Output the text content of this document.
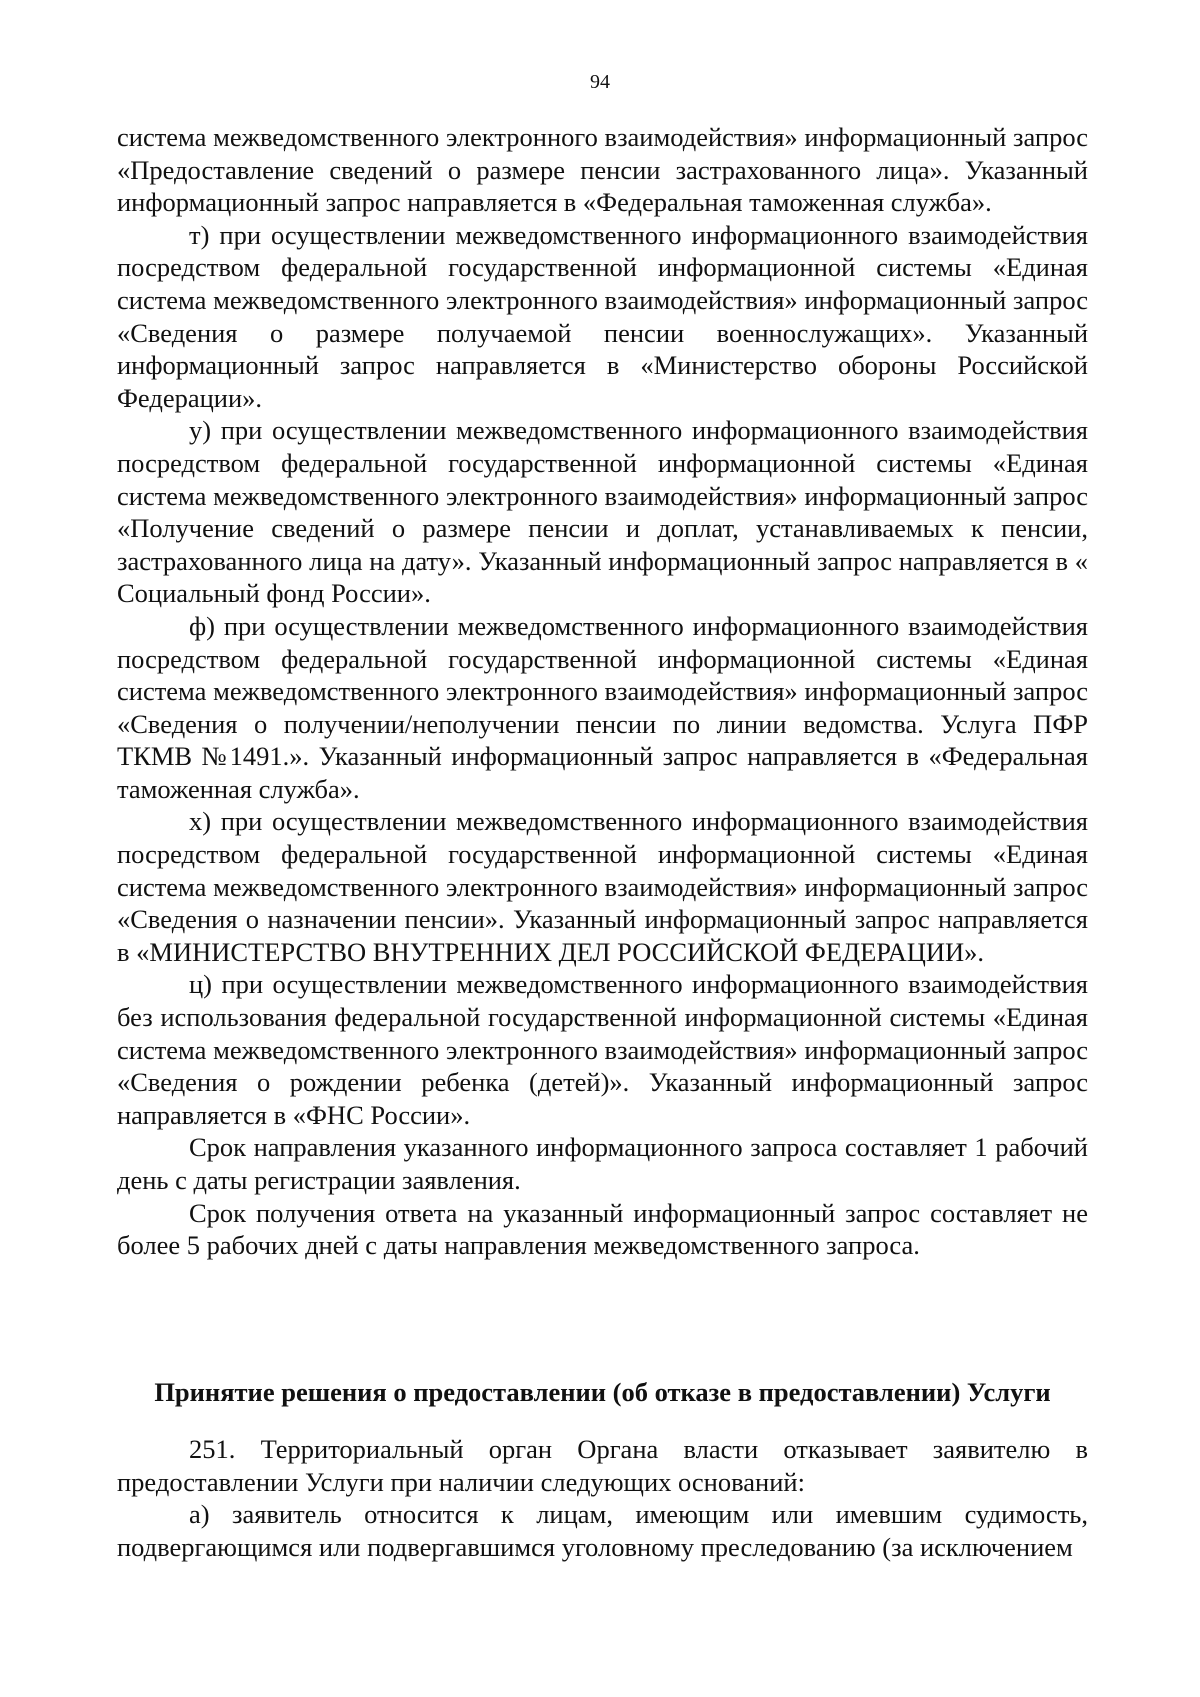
94

система межведомственного электронного взаимодействия» информационный запрос «Предоставление сведений о размере пенсии застрахованного лица». Указанный информационный запрос направляется в «Федеральная таможенная служба».

т) при осуществлении межведомственного информационного взаимодействия посредством федеральной государственной информационной системы «Единая система межведомственного электронного взаимодействия» информационный запрос «Сведения о размере получаемой пенсии военнослужащих». Указанный информационный запрос направляется в «Министерство обороны Российской Федерации».

у) при осуществлении межведомственного информационного взаимодействия посредством федеральной государственной информационной системы «Единая система межведомственного электронного взаимодействия» информационный запрос «Получение сведений о размере пенсии и доплат, устанавливаемых к пенсии, застрахованного лица на дату». Указанный информационный запрос направляется в « Социальный фонд России».

ф) при осуществлении межведомственного информационного взаимодействия посредством федеральной государственной информационной системы «Единая система межведомственного электронного взаимодействия» информационный запрос «Сведения о получении/неполучении пенсии по линии ведомства. Услуга ПФР ТКМВ №1491.». Указанный информационный запрос направляется в «Федеральная таможенная служба».

х) при осуществлении межведомственного информационного взаимодействия посредством федеральной государственной информационной системы «Единая система межведомственного электронного взаимодействия» информационный запрос «Сведения о назначении пенсии». Указанный информационный запрос направляется в «МИНИСТЕРСТВО ВНУТРЕННИХ ДЕЛ РОССИЙСКОЙ ФЕДЕРАЦИИ».

ц) при осуществлении межведомственного информационного взаимодействия без использования федеральной государственной информационной системы «Единая система межведомственного электронного взаимодействия» информационный запрос «Сведения о рождении ребенка (детей)». Указанный информационный запрос направляется в «ФНС России».

Срок направления указанного информационного запроса составляет 1 рабочий день с даты регистрации заявления.

Срок получения ответа на указанный информационный запрос составляет не более 5 рабочих дней с даты направления межведомственного запроса.

Принятие решения о предоставлении (об отказе в предоставлении) Услуги

251. Территориальный орган Органа власти отказывает заявителю в предоставлении Услуги при наличии следующих оснований:

а) заявитель относится к лицам, имеющим или имевшим судимость, подвергающимся или подвергавшимся уголовному преследованию (за исключением
